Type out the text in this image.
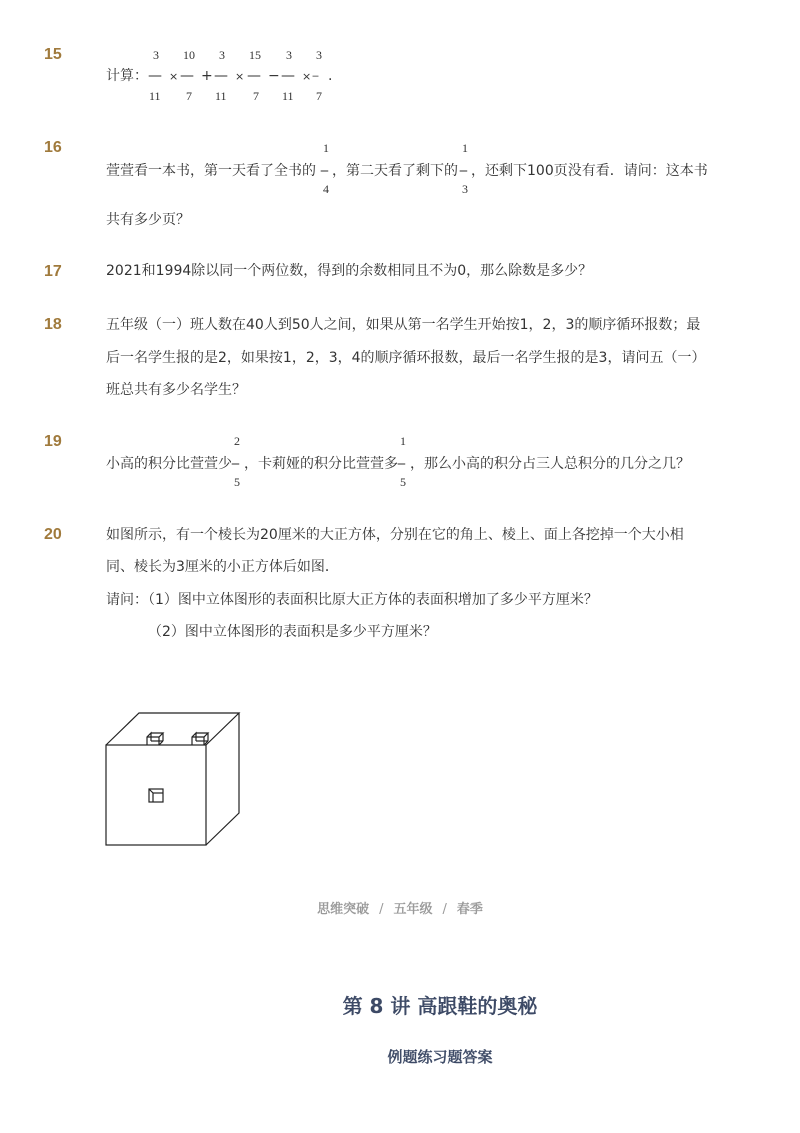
15
计算：
3
—
11
×
10
—
7
+
3
—
11
×
15
—
7
−
3
—
11
×
3
‒
7
.
16
萱萱看一本书，第一天看了全书的
1
‒
4
，第二天看了剩下的
1
‒
3
，还剩下100页没有看．请问：这本书
共有多少页？
17	2021和1994除以同一个两位数，得到的余数相同且不为0，那么除数是多少？
18	五年级（一）班人数在40人到50人之间，如果从第一名学生开始按1，2，3的顺序循环报数；最
后一名学生报的是2，如果按1，2，3，4的顺序循环报数，最后一名学生报的是3，请问五（一）
班总共有多少名学生？
19
小高的积分比萱萱少
2
‒
5
，卡莉娅的积分比萱萱多
1
‒
5
，那么小高的积分占三人总积分的几分之几？
20	如图所示，有一个棱长为20厘米的大正方体，分别在它的角上、棱上、面上各挖掉一个大小相
同、棱长为3厘米的小正方体后如图．
请问：（1）图中立体图形的表面积比原大正方体的表面积增加了多少平方厘米？
（2）图中立体图形的表面积是多少平方厘米？
思维突破 / 五年级 / 春季
第 8 讲 高跟鞋的奥秘
例题练习题答案
